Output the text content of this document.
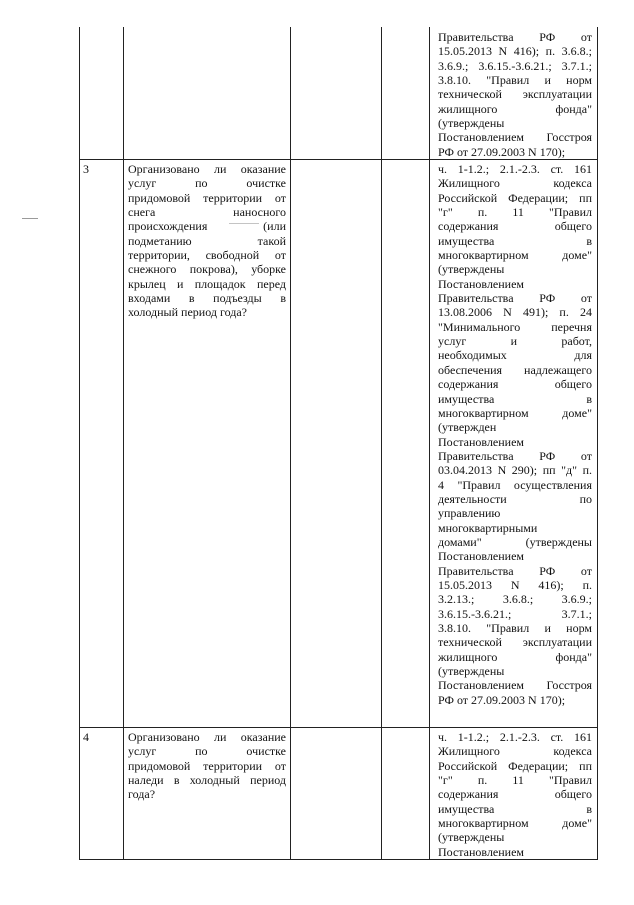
Правительства РФ от
15.05.2013 N 416); п. 3.6.8.;
3.6.9.; 3.6.15.-3.6.21.; 3.7.1.;
3.8.10. "Правил и норм
технической эксплуатации
жилищного фонда"
(утверждены
Постановлением Госстроя
РФ от 27.09.2003 N 170);
3	Организовано ли оказание
услуг по очистке
придомовой территории от
снега наносного
происхождения (или
подметанию такой
территории, свободной от
снежного покрова), уборке
крылец и площадок перед
входами в подъезды в
холодный период года?
ч. 1-1.2.; 2.1.-2.3. ст. 161
Жилищного кодекса
Российской Федерации; пп
"г" п. 11 "Правил
содержания общего
имущества в
многоквартирном доме"
(утверждены
Постановлением
Правительства РФ от
13.08.2006 N 491); п. 24
"Минимального перечня
услуг и работ,
необходимых для
обеспечения надлежащего
содержания общего
имущества в
многоквартирном доме"
(утвержден
Постановлением
Правительства РФ от
03.04.2013 N 290); пп "д" п.
4 "Правил осуществления
деятельности по
управлению
многоквартирными
домами" (утверждены
Постановлением
Правительства РФ от
15.05.2013 N 416); п.
3.2.13.; 3.6.8.; 3.6.9.;
3.6.15.-3.6.21.; 3.7.1.;
3.8.10. "Правил и норм
технической эксплуатации
жилищного фонда"
(утверждены
Постановлением Госстроя
РФ от 27.09.2003 N 170);
4	Организовано ли оказание
услуг по очистке
придомовой территории от
наледи в холодный период
года?
ч. 1-1.2.; 2.1.-2.3. ст. 161
Жилищного кодекса
Российской Федерации; пп
"г" п. 11 "Правил
содержания общего
имущества в
многоквартирном доме"
(утверждены
Постановлением
